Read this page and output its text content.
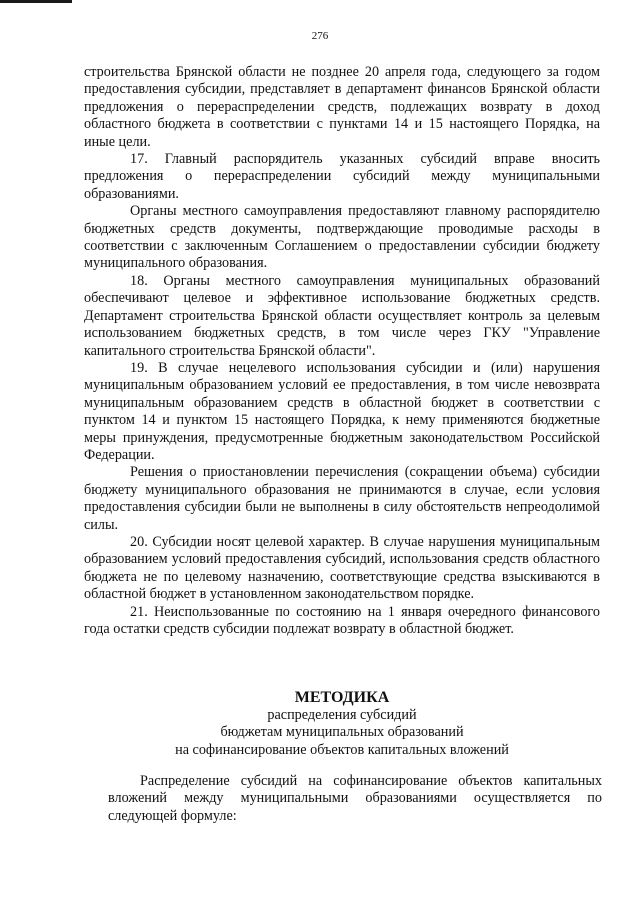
276

строительства Брянской области не позднее 20 апреля года, следующего за годом предоставления субсидии, представляет в департамент финансов Брянской области предложения о перераспределении средств, подлежащих возврату в доход областного бюджета в соответствии с пунктами 14 и 15 настоящего Порядка, на иные цели.

17. Главный распорядитель указанных субсидий вправе вносить предложения о перераспределении субсидий между муниципальными образованиями.

Органы местного самоуправления предоставляют главному распорядителю бюджетных средств документы, подтверждающие проводимые расходы в соответствии с заключенным Соглашением о предоставлении субсидии бюджету муниципального образования.

18. Органы местного самоуправления муниципальных образований обеспечивают целевое и эффективное использование бюджетных средств. Департамент строительства Брянской области осуществляет контроль за целевым использованием бюджетных средств, в том числе через ГКУ "Управление капитального строительства Брянской области".

19. В случае нецелевого использования субсидии и (или) нарушения муниципальным образованием условий ее предоставления, в том числе невозврата муниципальным образованием средств в областной бюджет в соответствии с пунктом 14 и пунктом 15 настоящего Порядка, к нему применяются бюджетные меры принуждения, предусмотренные бюджетным законодательством Российской Федерации.

Решения о приостановлении перечисления (сокращении объема) субсидии бюджету муниципального образования не принимаются в случае, если условия предоставления субсидии были не выполнены в силу обстоятельств непреодолимой силы.

20. Субсидии носят целевой характер. В случае нарушения муниципальным образованием условий предоставления субсидий, использования средств областного бюджета не по целевому назначению, соответствующие средства взыскиваются в областной бюджет в установленном законодательством порядке.

21. Неиспользованные по состоянию на 1 января очередного финансового года остатки средств субсидии подлежат возврату в областной бюджет.

МЕТОДИКА
распределения субсидий
бюджетам муниципальных образований
на софинансирование объектов капитальных вложений

Распределение субсидий на софинансирование объектов капитальных вложений между муниципальными образованиями осуществляется по следующей формуле:
